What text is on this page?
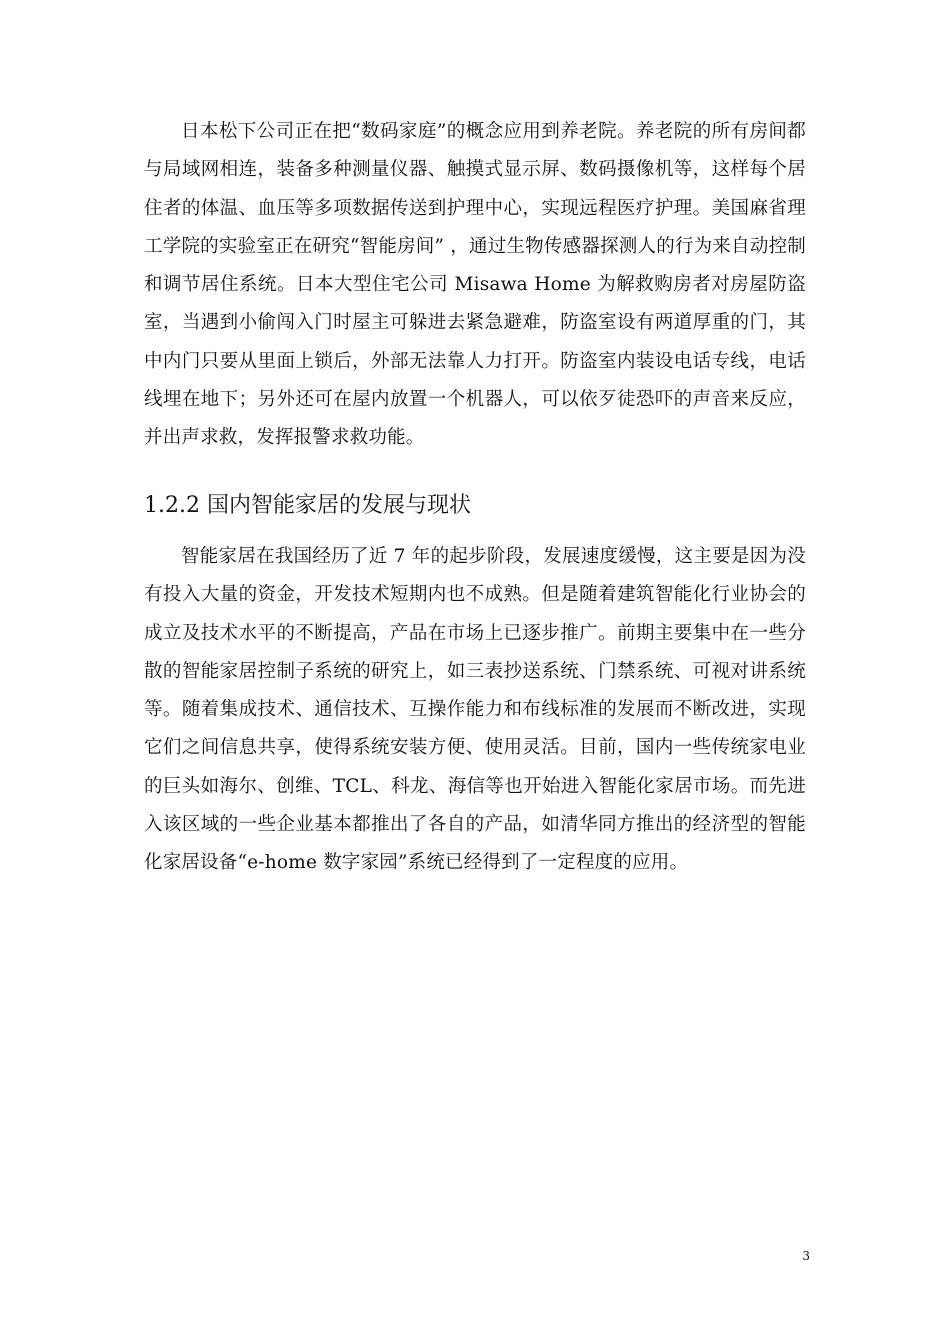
日本松下公司正在把“数码家庭”的概念应用到养老院。养老院的所有房间都与局域网相连，装备多种测量仪器、触摸式显示屏、数码摄像机等，这样每个居住者的体温、血压等多项数据传送到护理中心，实现远程医疗护理。美国麻省理工学院的实验室正在研究“智能房间” ，通过生物传感器探测人的行为来自动控制和调节居住系统。日本大型住宅公司 Misawa Home 为解救购房者对房屋防盗室，当遇到小偷闯入门时屋主可躲进去紧急避难，防盗室设有两道厚重的门，其中内门只要从里面上锁后，外部无法靠人力打开。防盗室内装设电话专线，电话线埋在地下；另外还可在屋内放置一个机器人，可以依歹徒恐吓的声音来反应，并出声求救，发挥报警求救功能。

1.2.2 国内智能家居的发展与现状

智能家居在我国经历了近 7 年的起步阶段，发展速度缓慢，这主要是因为没有投入大量的资金，开发技术短期内也不成熟。但是随着建筑智能化行业协会的成立及技术水平的不断提高，产品在市场上已逐步推广。前期主要集中在一些分散的智能家居控制子系统的研究上，如三表抄送系统、门禁系统、可视对讲系统等。随着集成技术、通信技术、互操作能力和布线标准的发展而不断改进，实现它们之间信息共享，使得系统安装方便、使用灵活。目前，国内一些传统家电业的巨头如海尔、创维、TCL、科龙、海信等也开始进入智能化家居市场。而先进入该区域的一些企业基本都推出了各自的产品，如清华同方推出的经济型的智能化家居设备“e-home 数字家园”系统已经得到了一定程度的应用。

3
